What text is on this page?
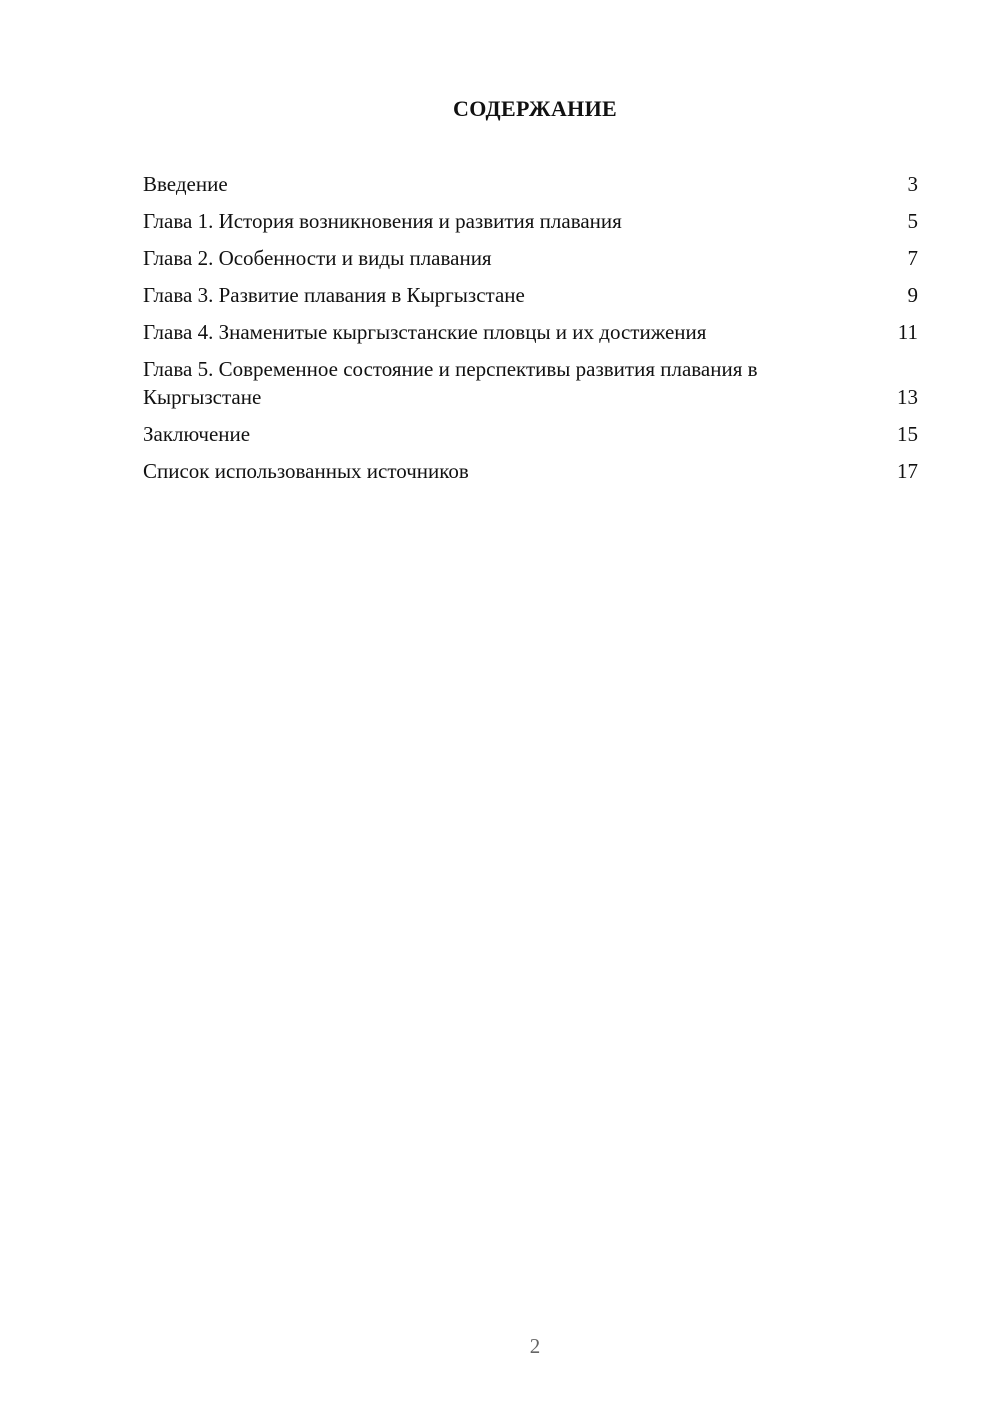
СОДЕРЖАНИЕ
Введение	3
Глава 1. История возникновения и развития плавания	5
Глава 2. Особенности и виды плавания	7
Глава 3. Развитие плавания в Кыргызстане	9
Глава 4. Знаменитые кыргызстанские пловцы и их достижения	11
Глава 5. Современное состояние и перспективы развития плавания в Кыргызстане	13
Заключение	15
Список использованных источников	17
2
